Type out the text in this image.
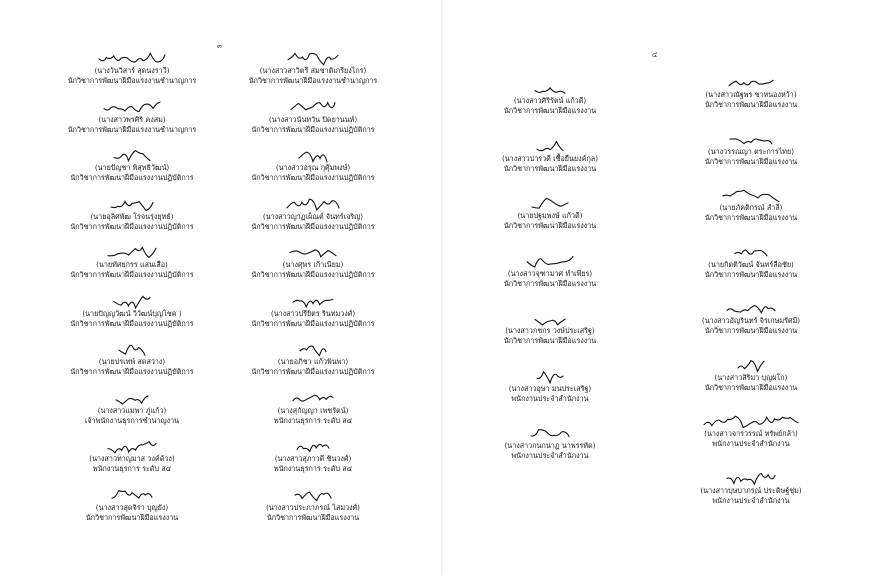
๓
๔
. . . . . .
(นางวันวิสาร์ สุดนงราวี)
นักวิชาการพัฒนาฝีมือแรงงานชำนาญการ
(นางสาวพรศิริ คงสม)
นักวิชาการพัฒนาฝีมือแรงงานชำนาญการ
(นายปัญชา พิสุทธิวัฒน์)
นักวิชาการพัฒนาฝีมือแรงงานปฏิบัติการ
(นายอุลิศพัฒ โรจนรุ่งยุทธ์)
นักวิชาการพัฒนาฝีมือแรงงานปฏิบัติการ
(นายทัศยกรร แสนเสือ)
นักวิชาการพัฒนาฝีมือแรงงานปฏิบัติการ
(นายปัญญวัฒน์ วิวัฒน์บุญโชค )
นักวิชาการพัฒนาฝีมือแรงงานปฏิบัติการ
(นายปรเทพ์ สดสว่าง)
นักวิชาการพัฒนาฝีมือแรงงานปฏิบัติการ
(นางสาวแมพา ภู่แก้ว)
เจ้าพนักงานธุรการชำนาญงาน
(นางสาวทาญมาส วงค์ด้วง)
พนักงานธุรการ ระดับ ส๔
(นางสาวสุดจิรา บุญยัง)
นักวิชาการพัฒนาฝีมือแรงงาน
(นางสาวสาวิตรี สมชาติเกรียงไกร)
นักวิชาการพัฒนาฝีมือแรงงานชำนาญการ
(นางสาวนันทวัน ปิดยานนท์)
นักวิชาการพัฒนาฝีมือแรงงานปฏิบัติการ
(นางสาวอรุณ กุศุ้มพงษ์)
นักวิชาการพัฒนาฝีมือแรงงานปฏิบัติการ
(นางสาวญาฏเผ็ณต์ จันทร์เจริญ)
นักวิชาการพัฒนาฝีมือแรงงานปฏิบัติการ
(นางศุพร เก้าเนียม)
นักวิชาการพัฒนาฝีมือแรงงานปฏิบัติการ
(นางสาวปรียิตร รินทมวงศ์)
นักวิชาการพัฒนาฝีมือแรงงานปฏิบัติการ
(นายอภิชา แก้วพินพา)
นักวิชาการพัฒนาฝีมือแรงงานปฏิบัติการ
(นางสุกัญญา เพชรัตน์)
พนักงานธุรการ ระดับ ส๔
(นางสาวสุภาวดี ชินวงศ์)
พนักงานธุรการ ระดับ ส๔
(นางสาวประภาภรณ์ ไสมวงศ์)
นักวิชาการพัฒนาฝีมือแรงงาน
(นางสาวศิริรัตน์ แก้วดี)
นักวิชาการพัฒนาฝีมือแรงงาน
(นางสาวปารวดี เชื้อยืนยงค์กุล)
นักวิชาการพัฒนาฝีมือแรงงาน
(นายปฐมพงษ์ แก้วดี)
นักวิชาการพัฒนาฝีมือแรงงาน
(นางสาวจุฑามาศ ทำเพียร)
นักวิชาการพัฒนาฝีมือแรงงาน
(นางสาวกชกร วงษ์ประเสริฐ)
นักวิชาการพัฒนาฝีมือแรงงาน
(นางสาวอุษา มนประเสริฐ)
พนักงานประจำสำนักงาน
(นางสาวกนกนาฏ นาพรรทัด)
พนักงานประจำสำนักงาน
(นางสาวณัฐพร ชาหนองหว้า)
นักวิชาการพัฒนาฝีมือแรงงาน
(นางวรรณญา ตระการไทย)
นักวิชาการพัฒนาฝีมือแรงงาน
(นายภัคติกรณ์ สำลี)
นักวิชาการพัฒนาฝีมือแรงงาน
(นายกิตติวัฒน์ จันทร์ลือชัย)
นักวิชาการพัฒนาฝีมือแรงงาน
(นางสาวอัญรินทร์ จิรเกษมรัศมี)
นักวิชาการพัฒนาฝีมือแรงงาน
(นางสาวสิริมา บุญผโก)
นักวิชาการพัฒนาฝีมือแรงงาน
(นางสาวจารวรรณ์ ทรัพย์กล้า)
พนักงานประจำสำนักงาน
(นางสาวบุษบาภรณ์ ประดิษฐ์ชุ่ม)
พนักงานประจำสำนักงาน
